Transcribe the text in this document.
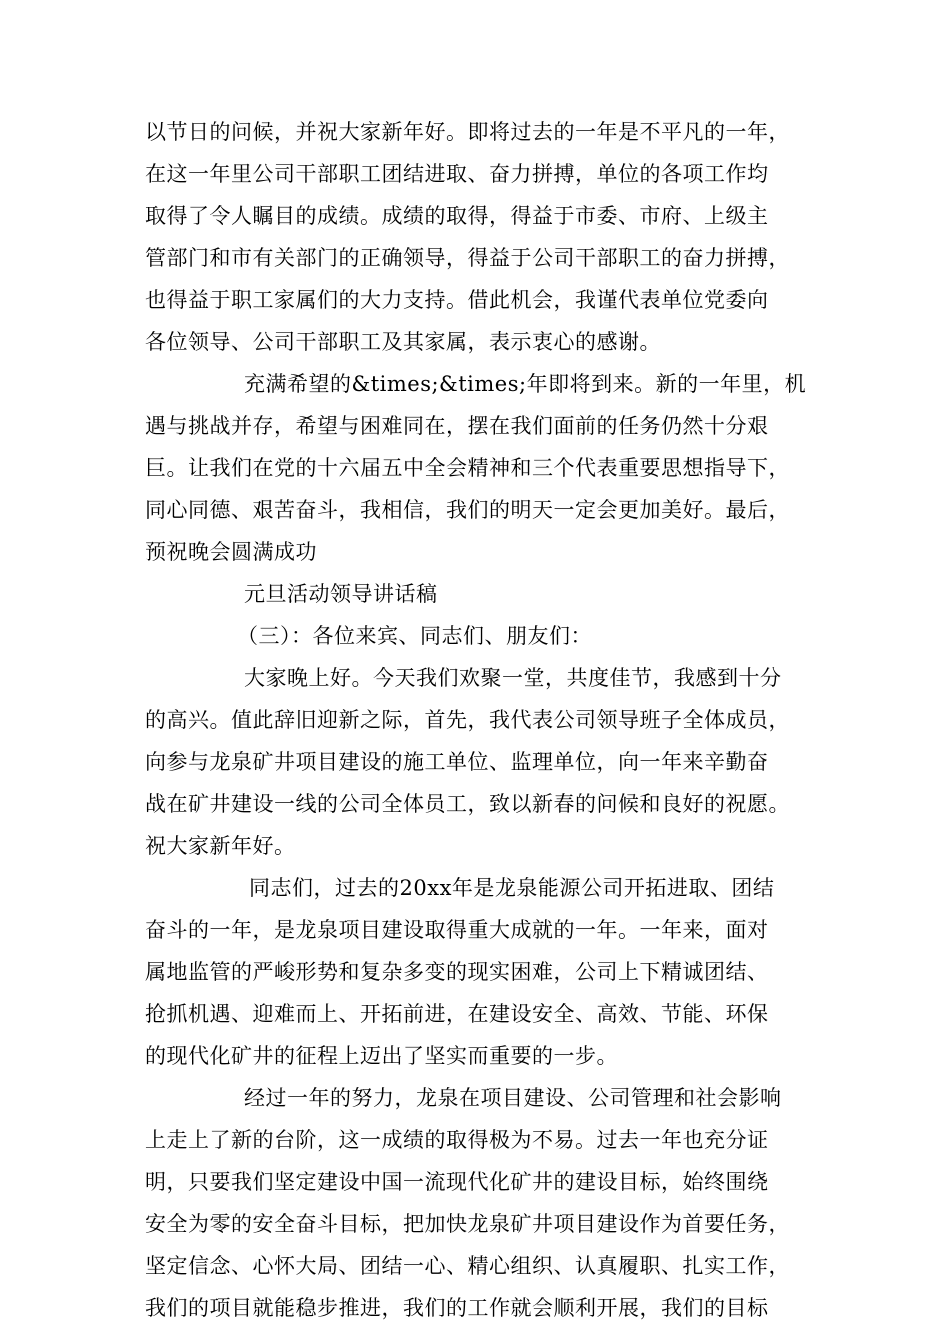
以节日的问候，并祝大家新年好。即将过去的一年是不平凡的一年，
在这一年里公司干部职工团结进取、奋力拼搏，单位的各项工作均
取得了令人瞩目的成绩。成绩的取得，得益于市委、市府、上级主
管部门和市有关部门的正确领导，得益于公司干部职工的奋力拼搏，
也得益于职工家属们的大力支持。借此机会，我谨代表单位党委向
各位领导、公司干部职工及其家属，表示衷心的感谢。
充满希望的&times;&times;年即将到来。新的一年里，机
遇与挑战并存，希望与困难同在，摆在我们面前的任务仍然十分艰
巨。让我们在党的十六届五中全会精神和三个代表重要思想指导下，
同心同德、艰苦奋斗，我相信，我们的明天一定会更加美好。最后，
预祝晚会圆满成功
元旦活动领导讲话稿
（三）：各位来宾、同志们、朋友们：
大家晚上好。今天我们欢聚一堂，共度佳节，我感到十分
的高兴。值此辞旧迎新之际，首先，我代表公司领导班子全体成员，
向参与龙泉矿井项目建设的施工单位、监理单位，向一年来辛勤奋
战在矿井建设一线的公司全体员工，致以新春的问候和良好的祝愿。
祝大家新年好。
同志们，过去的20xx年是龙泉能源公司开拓进取、团结
奋斗的一年，是龙泉项目建设取得重大成就的一年。一年来，面对
属地监管的严峻形势和复杂多变的现实困难，公司上下精诚团结、
抢抓机遇、迎难而上、开拓前进，在建设安全、高效、节能、环保
的现代化矿井的征程上迈出了坚实而重要的一步。
经过一年的努力，龙泉在项目建设、公司管理和社会影响
上走上了新的台阶，这一成绩的取得极为不易。过去一年也充分证
明，只要我们坚定建设中国一流现代化矿井的建设目标，始终围绕
安全为零的安全奋斗目标，把加快龙泉矿井项目建设作为首要任务，
坚定信念、心怀大局、团结一心、精心组织、认真履职、扎实工作，
我们的项目就能稳步推进，我们的工作就会顺利开展，我们的目标
